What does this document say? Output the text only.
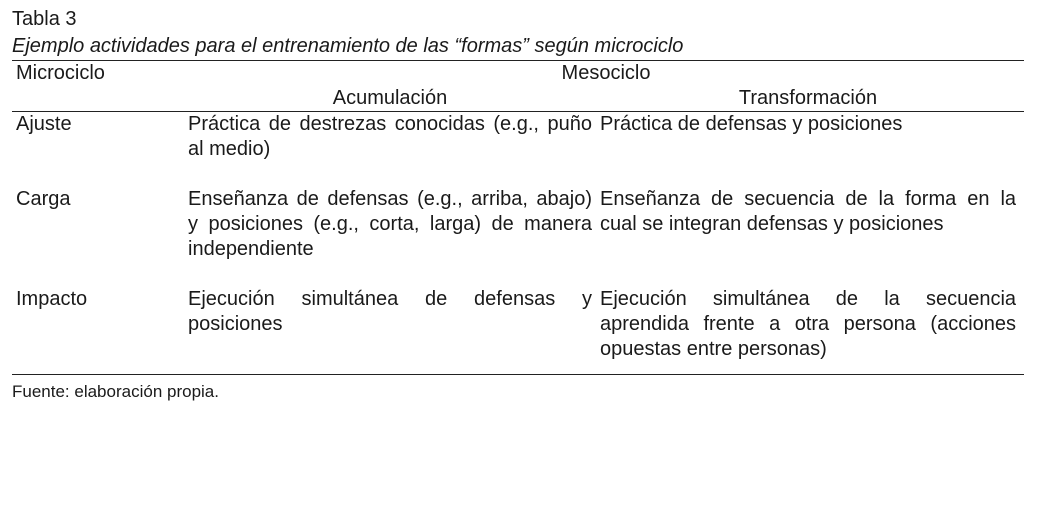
Tabla 3

Ejemplo actividades para el entrenamiento de las “formas” según microciclo

Microciclo	Mesociclo	
	Acumulación	Transformación
Ajuste	Práctica de destrezas conocidas (e.g., puño al medio)	Práctica de defensas y posiciones
Carga	Enseñanza de defensas (e.g., arriba, abajo) y posiciones (e.g., corta, larga) de manera independiente	Enseñanza de secuencia de la forma en la cual se integran defensas y posiciones
Impacto	Ejecución simultánea de defensas y posiciones	Ejecución simultánea de la secuencia aprendida frente a otra persona (acciones opuestas entre personas)

Fuente: elaboración propia.
